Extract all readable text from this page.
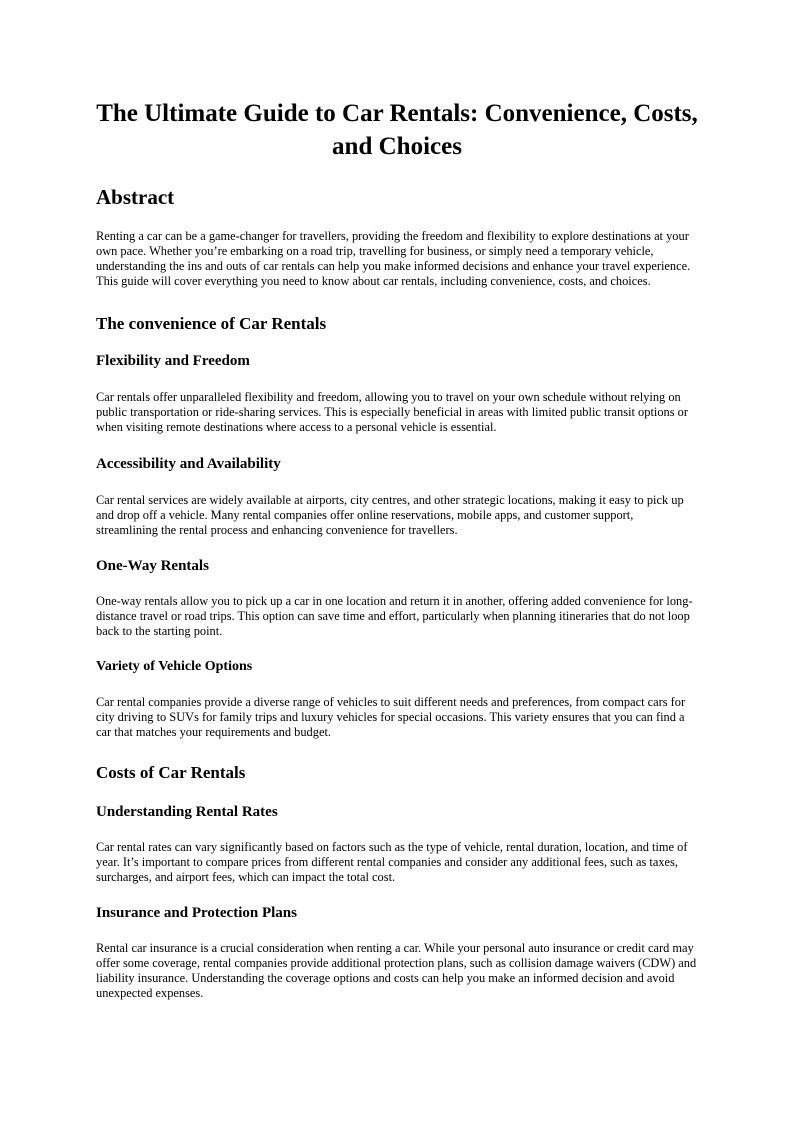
The Ultimate Guide to Car Rentals: Convenience, Costs, and Choices
Abstract

Renting a car can be a game-changer for travellers, providing the freedom and flexibility to explore destinations at your own pace. Whether you’re embarking on a road trip, travelling for business, or simply need a temporary vehicle, understanding the ins and outs of car rentals can help you make informed decisions and enhance your travel experience. This guide will cover everything you need to know about car rentals, including convenience, costs, and choices.

The convenience of Car Rentals
Flexibility and Freedom

Car rentals offer unparalleled flexibility and freedom, allowing you to travel on your own schedule without relying on public transportation or ride-sharing services. This is especially beneficial in areas with limited public transit options or when visiting remote destinations where access to a personal vehicle is essential.

Accessibility and Availability

Car rental services are widely available at airports, city centres, and other strategic locations, making it easy to pick up and drop off a vehicle. Many rental companies offer online reservations, mobile apps, and customer support, streamlining the rental process and enhancing convenience for travellers.

One-Way Rentals

One-way rentals allow you to pick up a car in one location and return it in another, offering added convenience for long-distance travel or road trips. This option can save time and effort, particularly when planning itineraries that do not loop back to the starting point.

Variety of Vehicle Options

Car rental companies provide a diverse range of vehicles to suit different needs and preferences, from compact cars for city driving to SUVs for family trips and luxury vehicles for special occasions. This variety ensures that you can find a car that matches your requirements and budget.

Costs of Car Rentals
Understanding Rental Rates

Car rental rates can vary significantly based on factors such as the type of vehicle, rental duration, location, and time of year. It’s important to compare prices from different rental companies and consider any additional fees, such as taxes, surcharges, and airport fees, which can impact the total cost.

Insurance and Protection Plans

Rental car insurance is a crucial consideration when renting a car. While your personal auto insurance or credit card may offer some coverage, rental companies provide additional protection plans, such as collision damage waivers (CDW) and liability insurance. Understanding the coverage options and costs can help you make an informed decision and avoid unexpected expenses.
